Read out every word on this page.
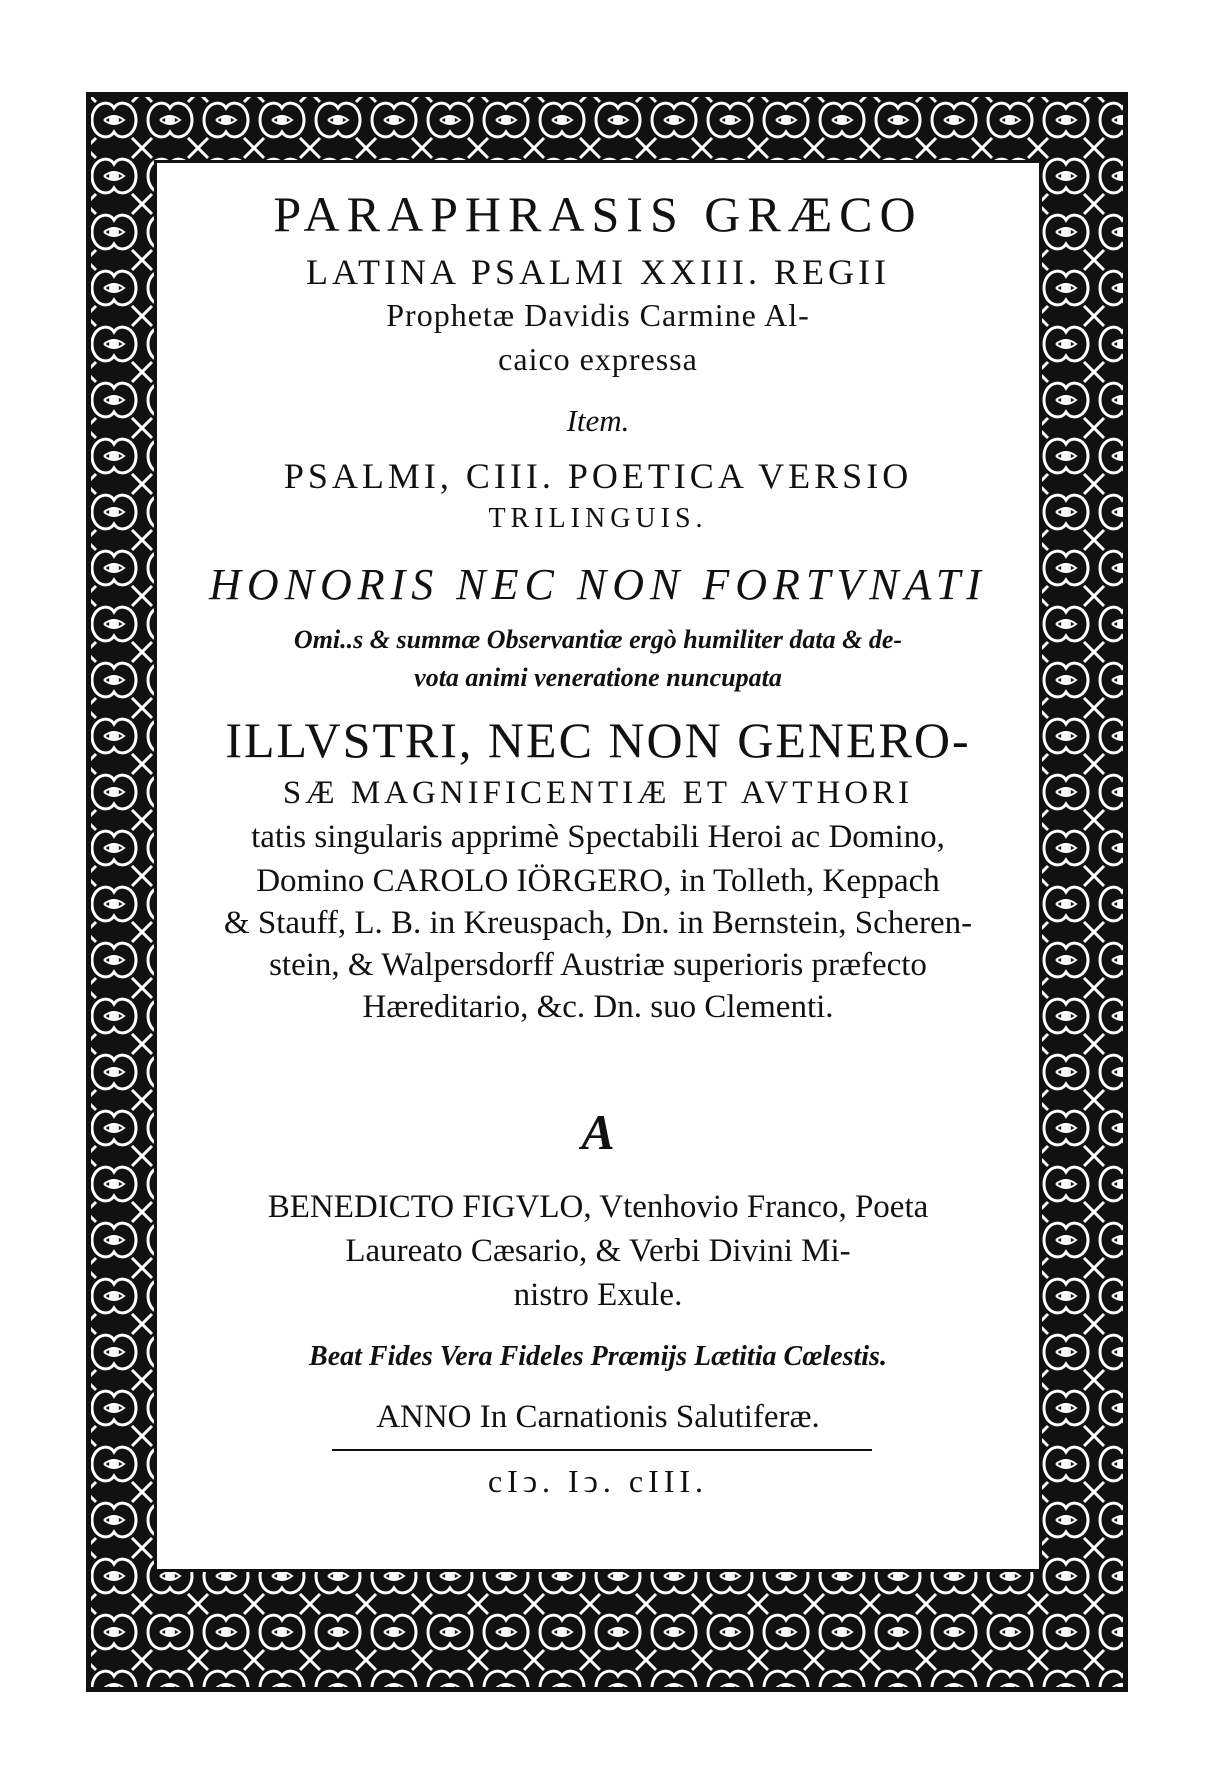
PARAPHRASIS GRÆCO
LATINA PSALMI XXIII. REGII
Prophetæ Davidis Carmine Al-
caico expressa
Item.
PSALMI, CIII. POETICA VERSIO
TRILINGUIS.
HONORIS NEC NON FORTVNATI
Omi..s & summæ Observantiæ ergò humiliter data & de-
vota animi veneratione nuncupata
ILLVSTRI, NEC NON GENERO-
SÆ MAGNIFICENTIÆ ET AVTHORI
tatis singularis apprimè Spectabili Heroi ac Domino,
Domino CAROLO IÖRGERO, in Tolleth, Keppach
& Stauff, L. B. in Kreuspach, Dn. in Bernstein, Scheren-
stein, & Walpersdorff Austriæ superioris præfecto
Hæreditario, &c. Dn. suo Clementi.
A
BENEDICTO FIGVLO, Vtenhovio Franco, Poeta
Laureato Cæsario, & Verbi Divini Mi-
nistro Exule.
Beat Fides Vera Fideles Præmijs Lætitia Cœlestis.
ANNO In Carnationis Salutiferæ.
cIↄ. Iↄ. cIII.
